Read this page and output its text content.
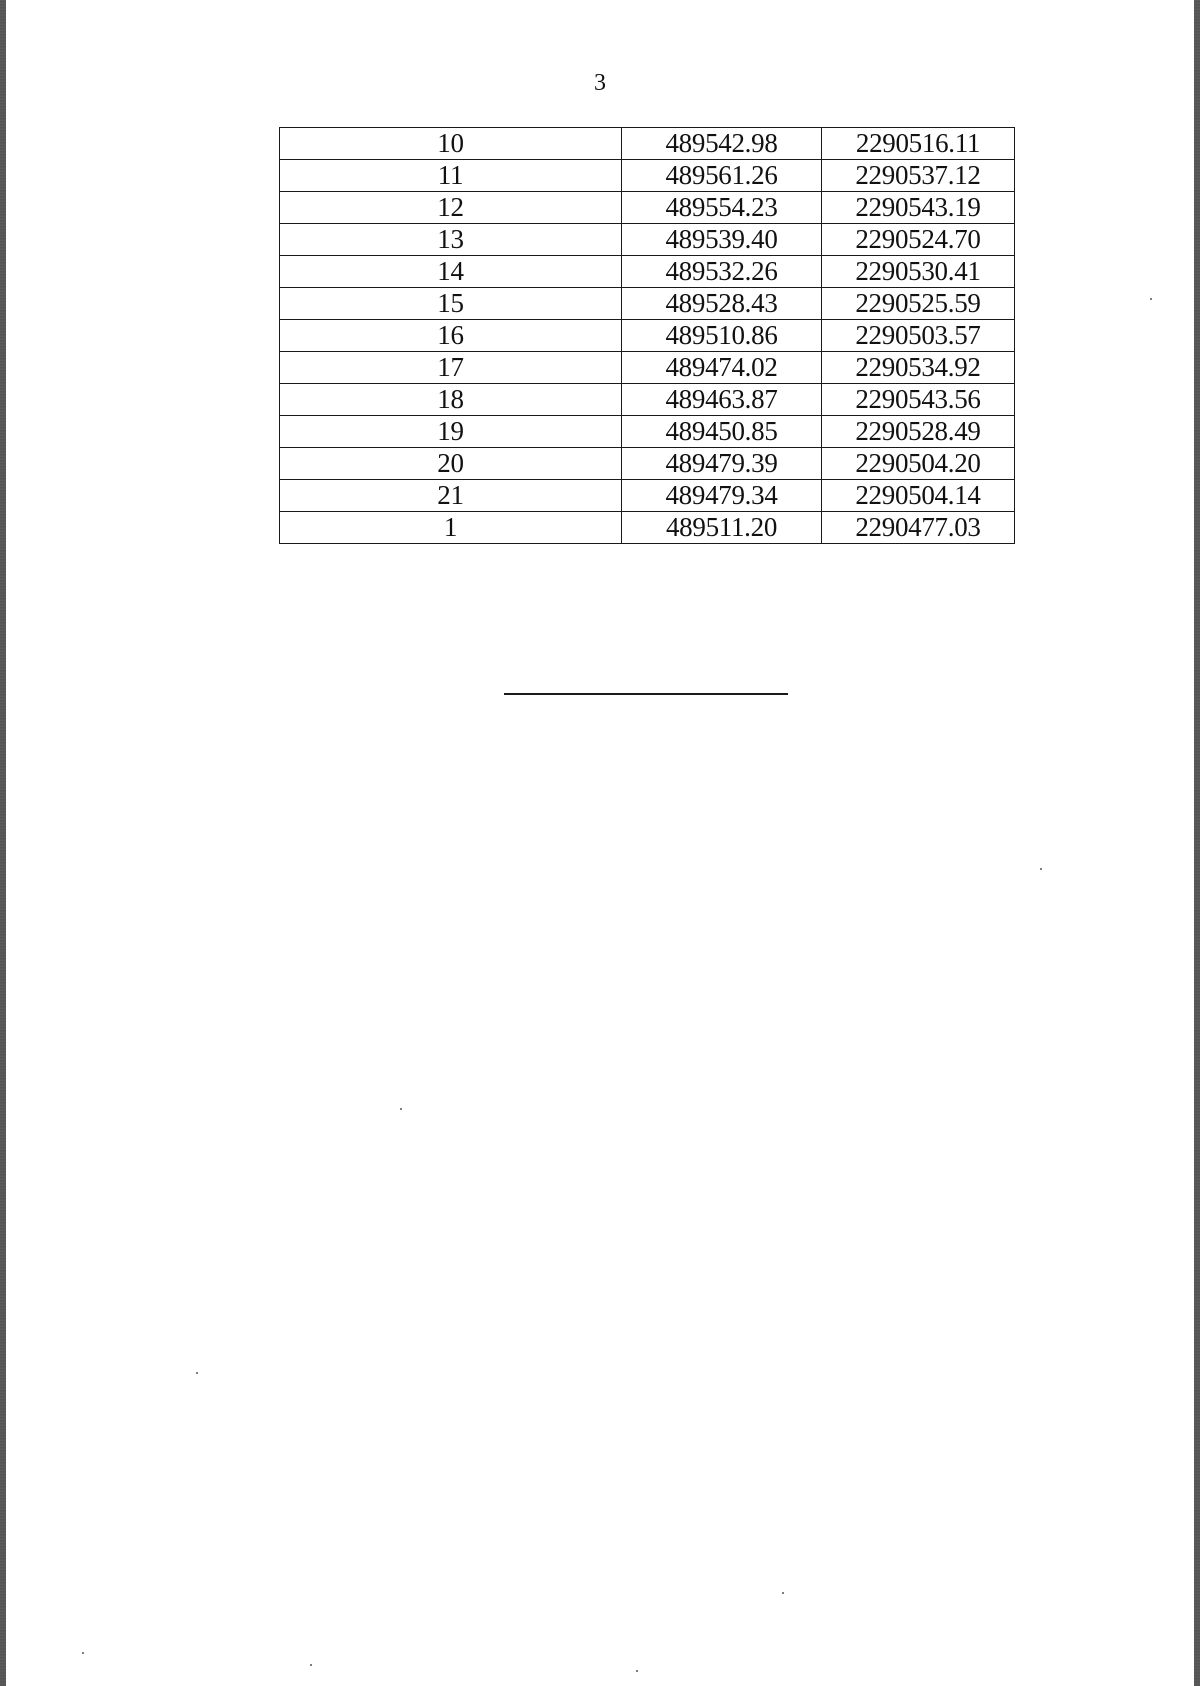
3
10	489542.98	2290516.11
11	489561.26	2290537.12
12	489554.23	2290543.19
13	489539.40	2290524.70
14	489532.26	2290530.41
15	489528.43	2290525.59
16	489510.86	2290503.57
17	489474.02	2290534.92
18	489463.87	2290543.56
19	489450.85	2290528.49
20	489479.39	2290504.20
21	489479.34	2290504.14
1	489511.20	2290477.03
